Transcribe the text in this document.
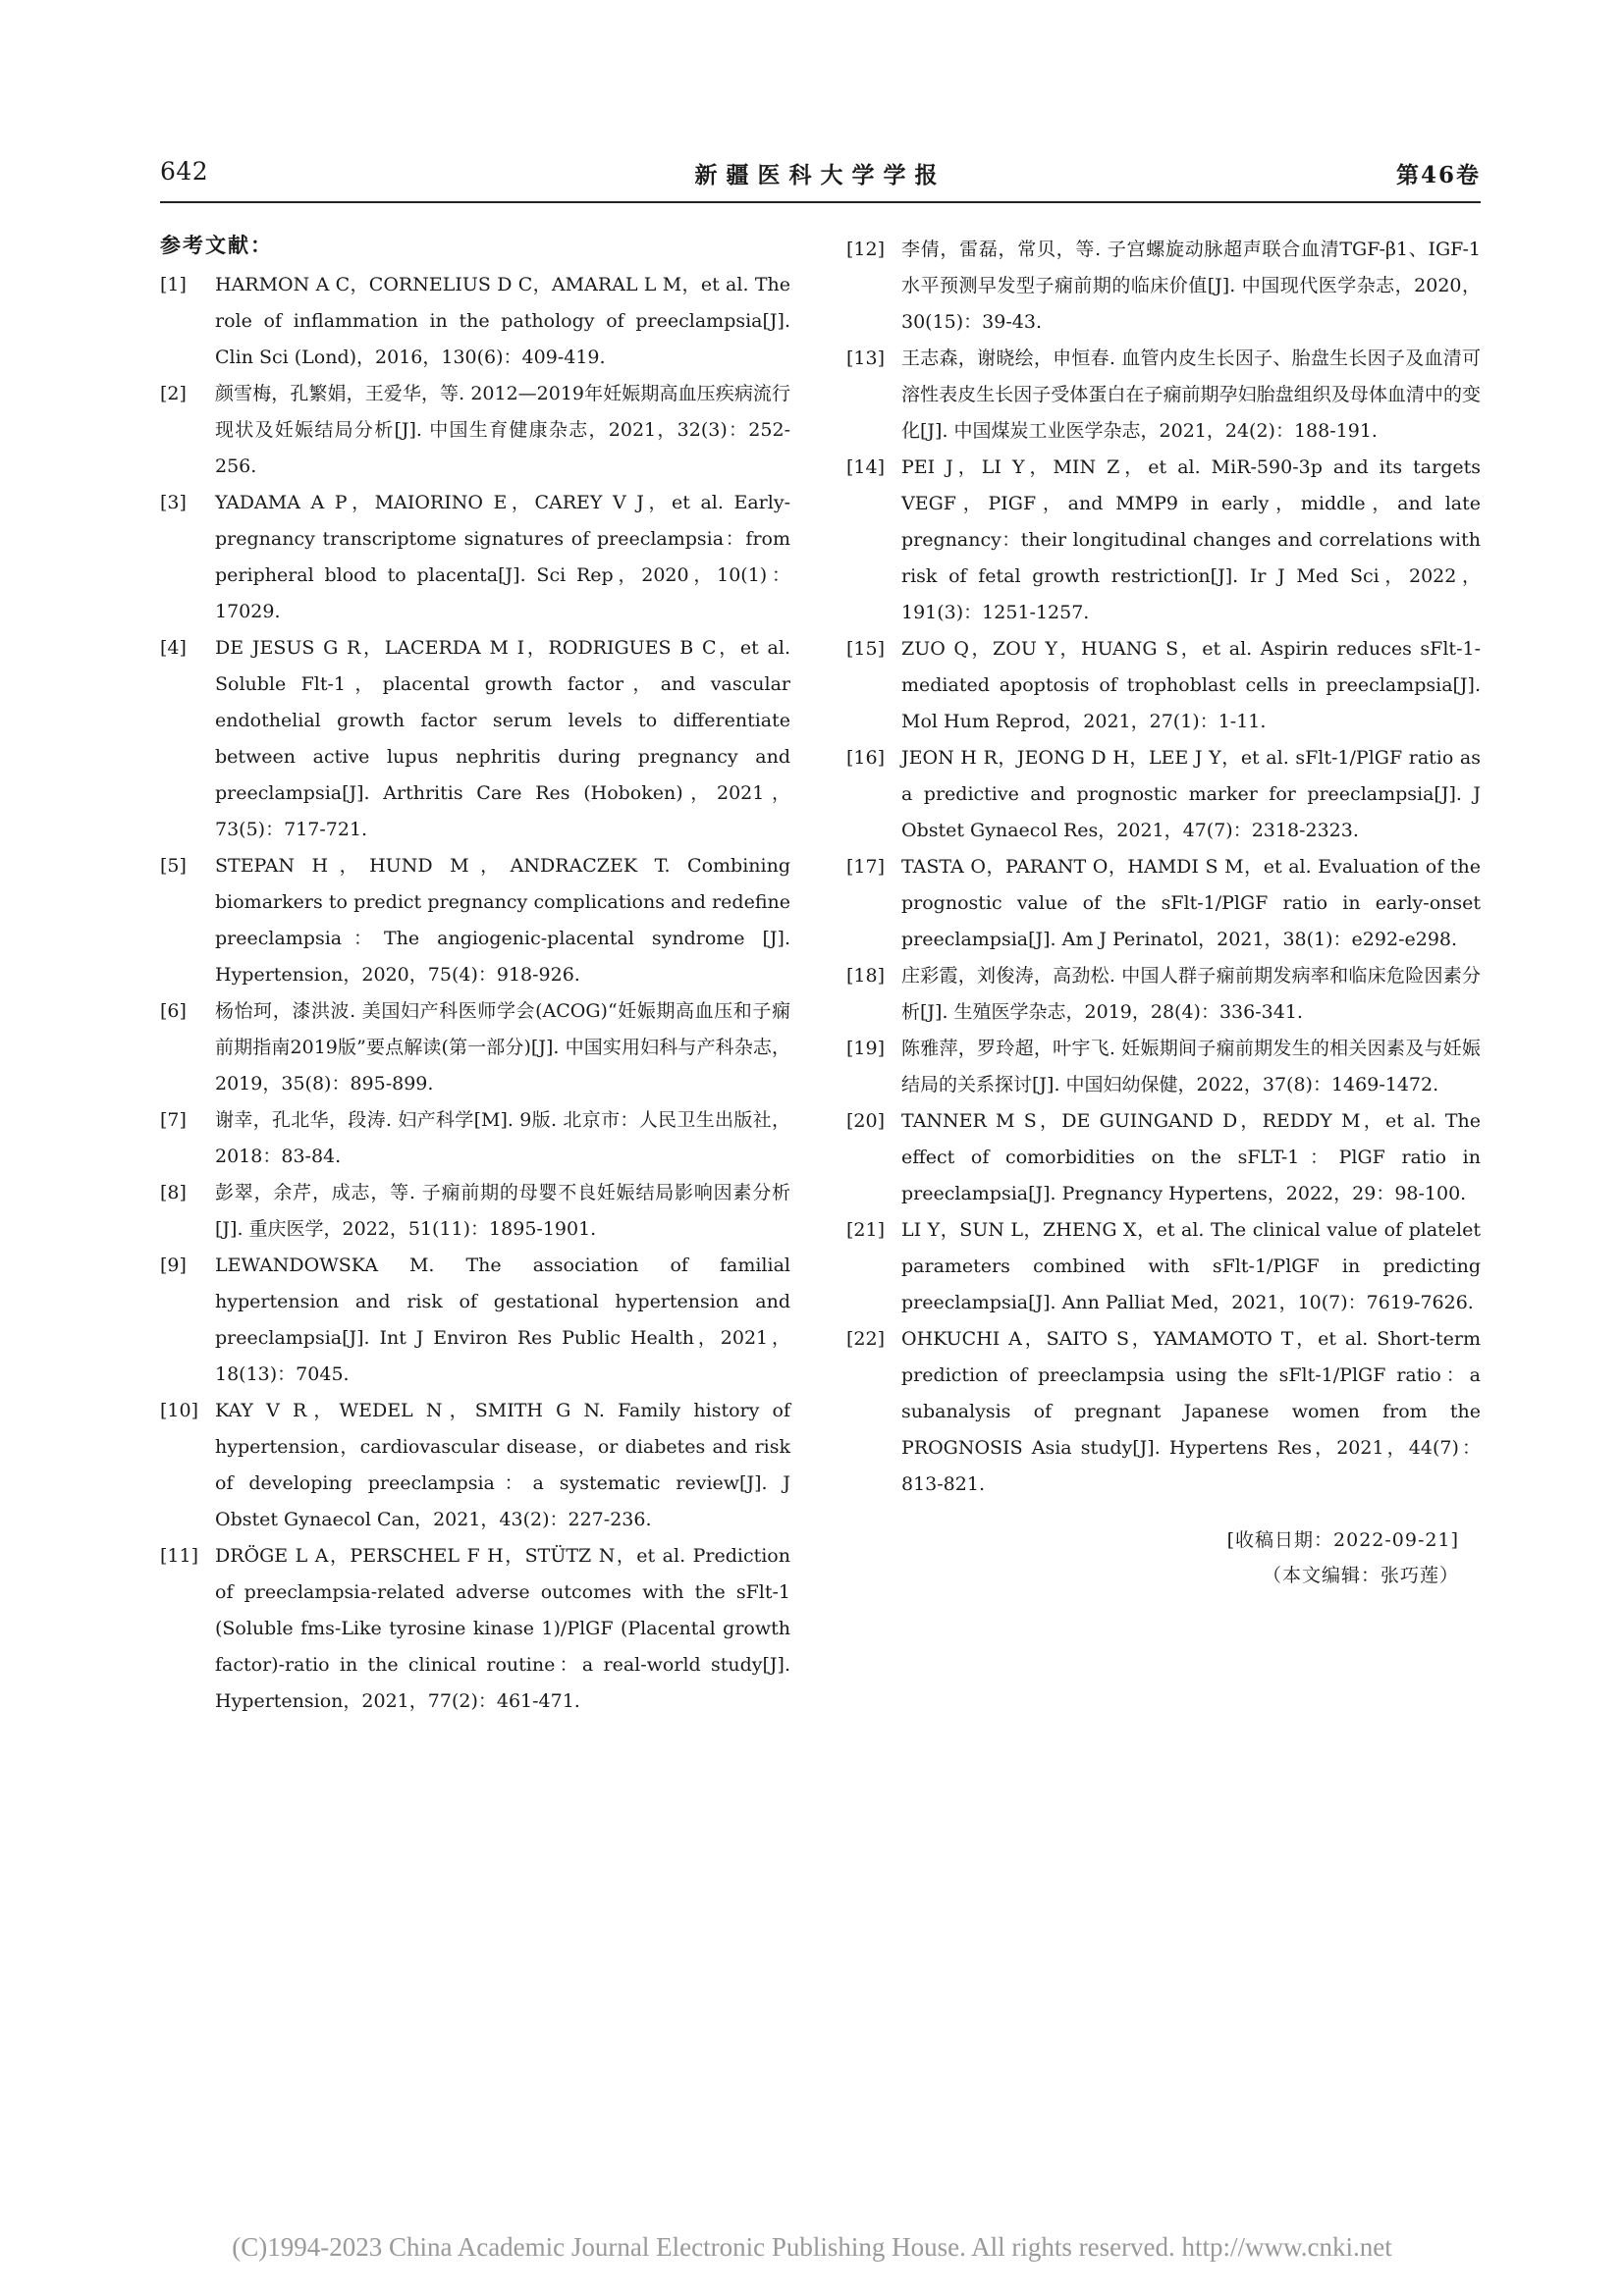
642	新疆医科大学学报	第46卷
参考文献：
[1]	HARMON A C，CORNELIUS D C，AMARAL L M，et al. The role of inflammation in the pathology of preeclampsia[J]. Clin Sci (Lond)，2016，130(6)：409-419.
[2]	颜雪梅，孔繁娟，王爱华，等. 2012—2019年妊娠期高血压疾病流行现状及妊娠结局分析[J]. 中国生育健康杂志，2021，32(3)：252-256.
[3]	YADAMA A P，MAIORINO E，CAREY V J，et al. Early-pregnancy transcriptome signatures of preeclampsia：from peripheral blood to placenta[J]. Sci Rep，2020，10(1)：17029.
[4]	DE JESUS G R，LACERDA M I，RODRIGUES B C，et al. Soluble Flt-1，placental growth factor，and vascular endothelial growth factor serum levels to differentiate between active lupus nephritis during pregnancy and preeclampsia[J]. Arthritis Care Res (Hoboken)，2021，73(5)：717-721.
[5]	STEPAN H，HUND M，ANDRACZEK T. Combining biomarkers to predict pregnancy complications and redefine preeclampsia：The angiogenic-placental syndrome [J]. Hypertension，2020，75(4)：918-926.
[6]	杨怡珂，漆洪波. 美国妇产科医师学会(ACOG)“妊娠期高血压和子痫前期指南2019版”要点解读(第一部分)[J]. 中国实用妇科与产科杂志，2019，35(8)：895-899.
[7]	谢幸，孔北华，段涛. 妇产科学[M]. 9版. 北京市：人民卫生出版社，2018：83-84.
[8]	彭翠，余芹，成志，等. 子痫前期的母婴不良妊娠结局影响因素分析[J]. 重庆医学，2022，51(11)：1895-1901.
[9]	LEWANDOWSKA M. The association of familial hypertension and risk of gestational hypertension and preeclampsia[J]. Int J Environ Res Public Health，2021，18(13)：7045.
[10] KAY V R，WEDEL N，SMITH G N. Family history of hypertension，cardiovascular disease，or diabetes and risk of developing preeclampsia：a systematic review[J]. J Obstet Gynaecol Can，2021，43(2)：227-236.
[11] DRÖGE L A，PERSCHEL F H，STÜTZ N，et al. Prediction of preeclampsia-related adverse outcomes with the sFlt-1 (Soluble fms-Like tyrosine kinase 1)/PlGF (Placental growth factor)-ratio in the clinical routine：a real-world study[J]. Hypertension，2021，77(2)：461-471.
[12] 李倩，雷磊，常贝，等. 子宫螺旋动脉超声联合血清TGF-β1、IGF-1水平预测早发型子痫前期的临床价值[J]. 中国现代医学杂志，2020，30(15)：39-43.
[13] 王志森，谢晓绘，申恒春. 血管内皮生长因子、胎盘生长因子及血清可溶性表皮生长因子受体蛋白在子痫前期孕妇胎盘组织及母体血清中的变化[J]. 中国煤炭工业医学杂志，2021，24(2)：188-191.
[14] PEI J，LI Y，MIN Z，et al. MiR-590-3p and its targets VEGF，PIGF，and MMP9 in early，middle，and late pregnancy：their longitudinal changes and correlations with risk of fetal growth restriction[J]. Ir J Med Sci，2022，191(3)：1251-1257.
[15] ZUO Q，ZOU Y，HUANG S，et al. Aspirin reduces sFlt-1-mediated apoptosis of trophoblast cells in preeclampsia[J]. Mol Hum Reprod，2021，27(1)：1-11.
[16] JEON H R，JEONG D H，LEE J Y，et al. sFlt-1/PlGF ratio as a predictive and prognostic marker for preeclampsia[J]. J Obstet Gynaecol Res，2021，47(7)：2318-2323.
[17] TASTA O，PARANT O，HAMDI S M，et al. Evaluation of the prognostic value of the sFlt-1/PlGF ratio in early-onset preeclampsia[J]. Am J Perinatol，2021，38(1)：e292-e298.
[18] 庄彩霞，刘俊涛，高劲松. 中国人群子痫前期发病率和临床危险因素分析[J]. 生殖医学杂志，2019，28(4)：336-341.
[19] 陈雅萍，罗玲超，叶宇飞. 妊娠期间子痫前期发生的相关因素及与妊娠结局的关系探讨[J]. 中国妇幼保健，2022，37(8)：1469-1472.
[20] TANNER M S，DE GUINGAND D，REDDY M，et al. The effect of comorbidities on the sFLT-1：PlGF ratio in preeclampsia[J]. Pregnancy Hypertens，2022，29：98-100.
[21] LI Y，SUN L，ZHENG X，et al. The clinical value of platelet parameters combined with sFlt-1/PlGF in predicting preeclampsia[J]. Ann Palliat Med，2021，10(7)：7619-7626.
[22] OHKUCHI A，SAITO S，YAMAMOTO T，et al. Short-term prediction of preeclampsia using the sFlt-1/PlGF ratio：a subanalysis of pregnant Japanese women from the PROGNOSIS Asia study[J]. Hypertens Res，2021，44(7)：813-821.
[收稿日期：2022-09-21]
（本文编辑：张巧莲）
(C)1994-2023 China Academic Journal Electronic Publishing House. All rights reserved. http://www.cnki.net
